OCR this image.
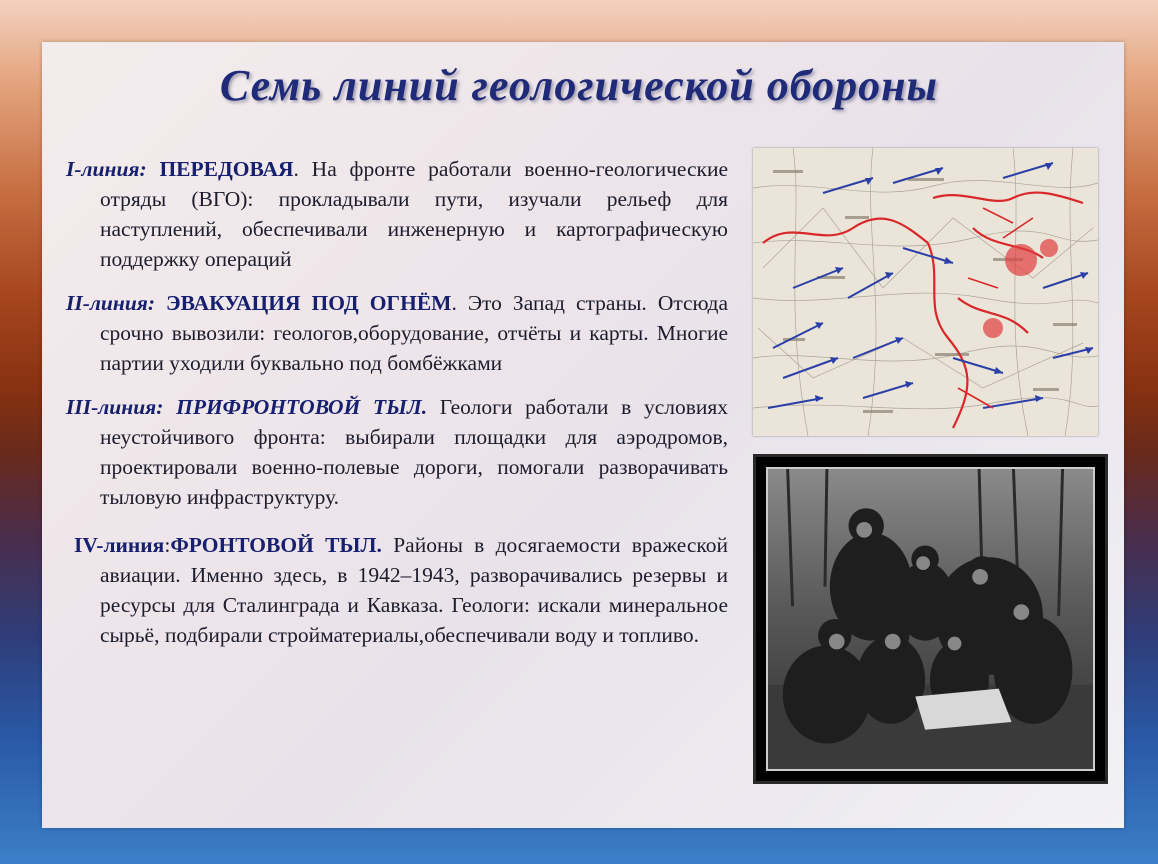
Семь линий геологической обороны

I-линия: ПЕРЕДОВАЯ. На фронте работали военно-геологические отряды (ВГО): прокладывали пути, изучали рельеф для наступлений, обеспечивали инженерную и картографическую поддержку операций

II-линия: ЭВАКУАЦИЯ ПОД ОГНЁМ. Это Запад страны. Отсюда срочно вывозили: геологов,оборудование, отчёты и карты. Многие партии уходили буквально под бомбёжками

III-линия: ПРИФРОНТОВОЙ ТЫЛ. Геологи работали в условиях неустойчивого фронта: выбирали площадки для аэродромов, проектировали военно-полевые дороги, помогали разворачивать тыловую инфраструктуру.

IV-линия:ФРОНТОВОЙ ТЫЛ. Районы в досягаемости вражеской авиации. Именно здесь, в 1942–1943, разворачивались резервы и ресурсы для Сталинграда и Кавказа. Геологи: искали минеральное сырьё, подбирали стройматериалы,обеспечивали воду и топливо.
